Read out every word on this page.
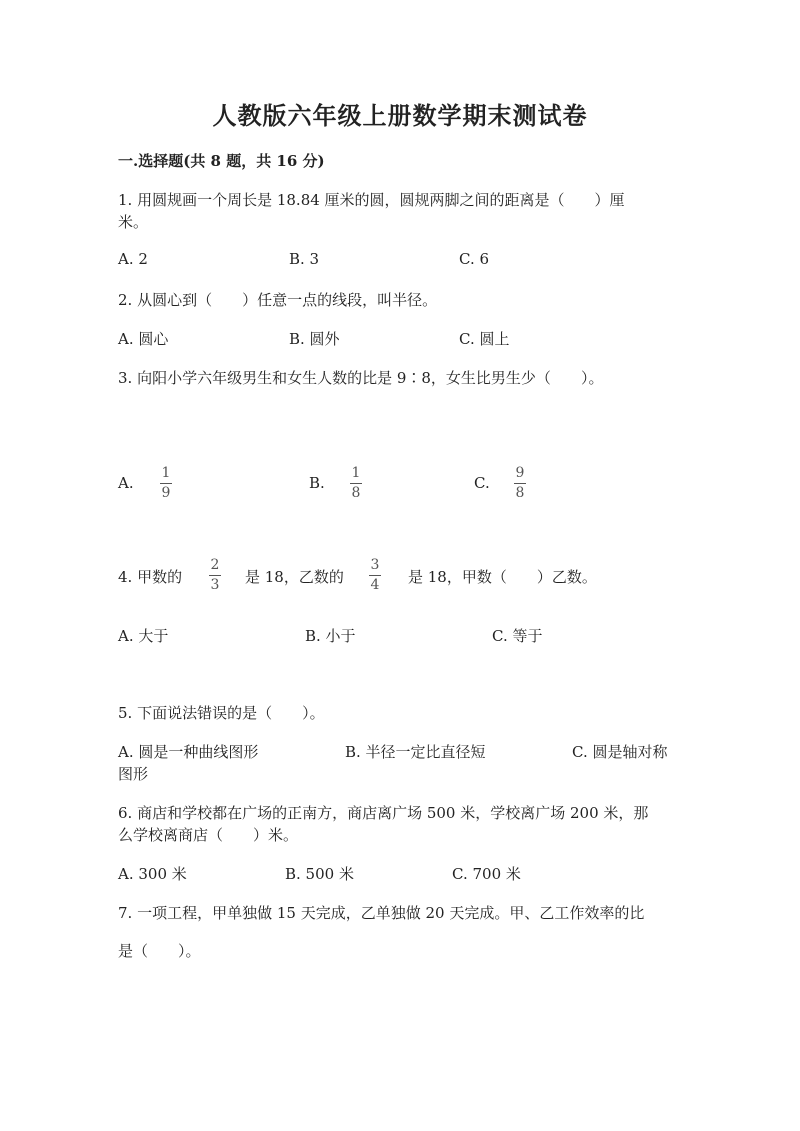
人教版六年级上册数学期末测试卷
一.选择题(共 8 题，共 16 分)
1. 用圆规画一个周长是 18.84 厘米的圆，圆规两脚之间的距离是（　　）厘
米。
A. 2	B. 3	C. 6
2. 从圆心到（　　）任意一点的线段，叫半径。
A. 圆心	B. 圆外	C. 圆上
3. 向阳小学六年级男生和女生人数的比是 9∶8，女生比男生少（　　）。
A.
1
9
B.
1
8
C.
9
8
4. 甲数的
2
3 是 18，乙数的
3
4 是 18，甲数（　　）乙数。
A. 大于	B. 小于	C. 等于
5. 下面说法错误的是（　　）。
A. 圆是一种曲线图形	B. 半径一定比直径短	C. 圆是轴对称
图形
6. 商店和学校都在广场的正南方，商店离广场 500 米，学校离广场 200 米，那
么学校离商店（　　）米。
A. 300 米	B. 500 米	C. 700 米
7. 一项工程，甲单独做 15 天完成，乙单独做 20 天完成。甲、乙工作效率的比
是（　　）。
